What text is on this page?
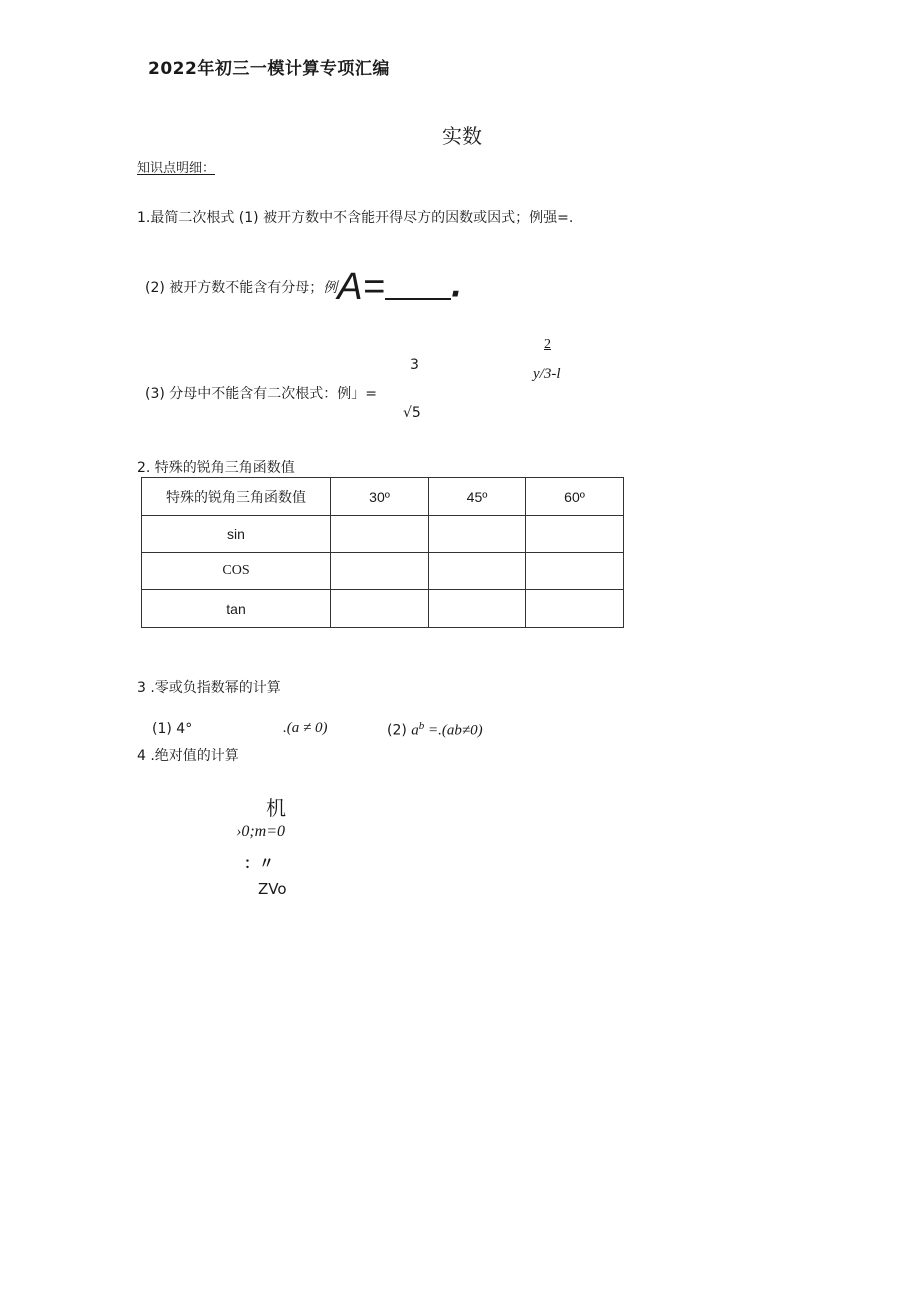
2022年初三一模计算专项汇编
实数
知识点明细：
1.最简二次根式 (1) 被开方数中不含能开得尽方的因数或因式；例强=.
(2) 被开方数不能含有分母；例A= .
3
(3) 分母中不能含有二次根式：例」=
√5
2
y/3-l
2. 特殊的锐角三角函数值
特殊的锐角三角函数值	30º	45º	60º
sin			
COS			
tan			
3 .零或负指数幂的计算
(1) 4°	.(a ≠ 0)	(2) $a^b =.(ab\ne 0)$
4 .绝对值的计算
机
›0;m=0
：〃
ZVo
